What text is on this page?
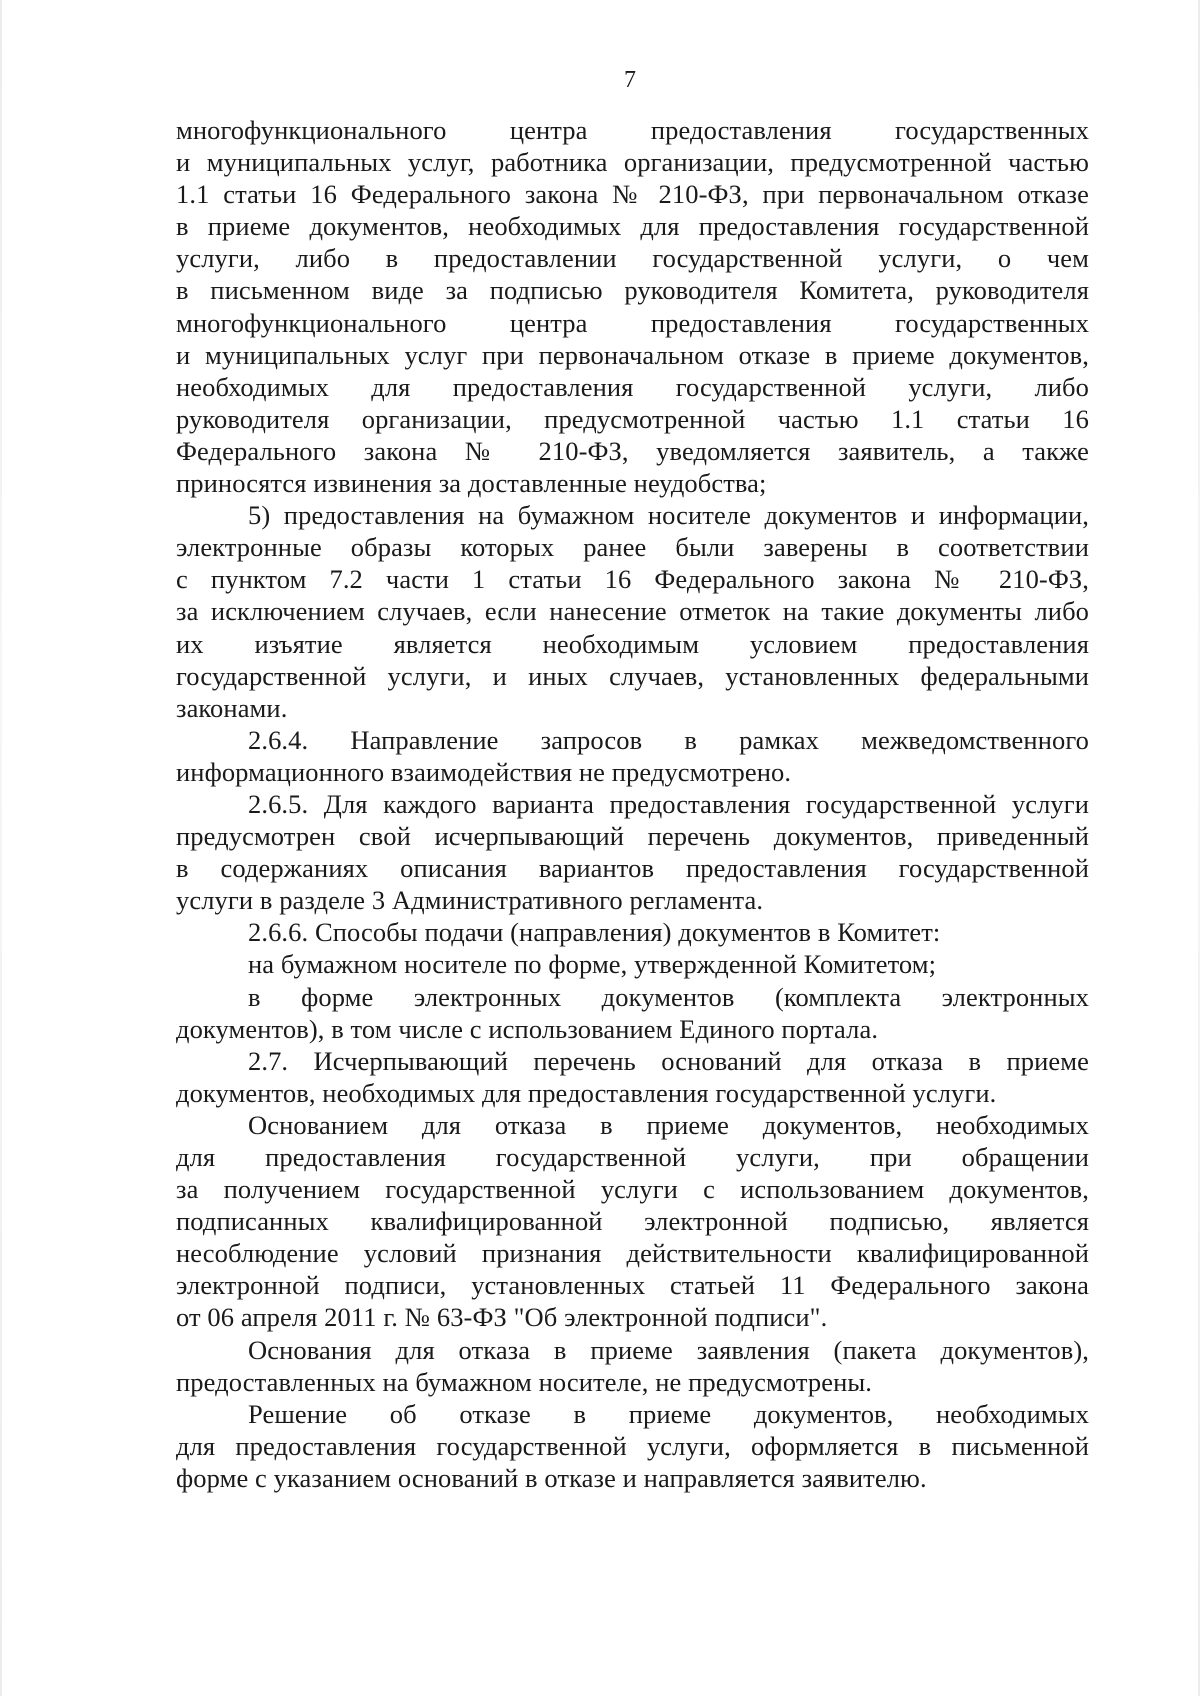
7

многофункционального центра предоставления государственных

и муниципальных услуг, работника организации, предусмотренной частью

1.1 статьи 16 Федерального закона № 210-ФЗ, при первоначальном отказе

в приеме документов, необходимых для предоставления государственной

услуги, либо в предоставлении государственной услуги, о чем

в письменном виде за подписью руководителя Комитета, руководителя

многофункционального центра предоставления государственных

и муниципальных услуг при первоначальном отказе в приеме документов,

необходимых для предоставления государственной услуги, либо

руководителя организации, предусмотренной частью 1.1 статьи 16

Федерального закона № 210-ФЗ, уведомляется заявитель, а также

приносятся извинения за доставленные неудобства;

5) предоставления на бумажном носителе документов и информации,

электронные образы которых ранее были заверены в соответствии

с пунктом 7.2 части 1 статьи 16 Федерального закона № 210-ФЗ,

за исключением случаев, если нанесение отметок на такие документы либо

их изъятие является необходимым условием предоставления

государственной услуги, и иных случаев, установленных федеральными

законами.

2.6.4. Направление запросов в рамках межведомственного

информационного взаимодействия не предусмотрено.

2.6.5. Для каждого варианта предоставления государственной услуги

предусмотрен свой исчерпывающий перечень документов, приведенный

в содержаниях описания вариантов предоставления государственной

услуги в разделе 3 Административного регламента.

2.6.6. Способы подачи (направления) документов в Комитет:

на бумажном носителе по форме, утвержденной Комитетом;

в форме электронных документов (комплекта электронных

документов), в том числе с использованием Единого портала.

2.7. Исчерпывающий перечень оснований для отказа в приеме

документов, необходимых для предоставления государственной услуги.

Основанием для отказа в приеме документов, необходимых

для предоставления государственной услуги, при обращении

за получением государственной услуги с использованием документов,

подписанных квалифицированной электронной подписью, является

несоблюдение условий признания действительности квалифицированной

электронной подписи, установленных статьей 11 Федерального закона

от 06 апреля 2011 г. № 63-ФЗ "Об электронной подписи".

Основания для отказа в приеме заявления (пакета документов),

предоставленных на бумажном носителе, не предусмотрены.

Решение об отказе в приеме документов, необходимых

для предоставления государственной услуги, оформляется в письменной

форме с указанием оснований в отказе и направляется заявителю.
